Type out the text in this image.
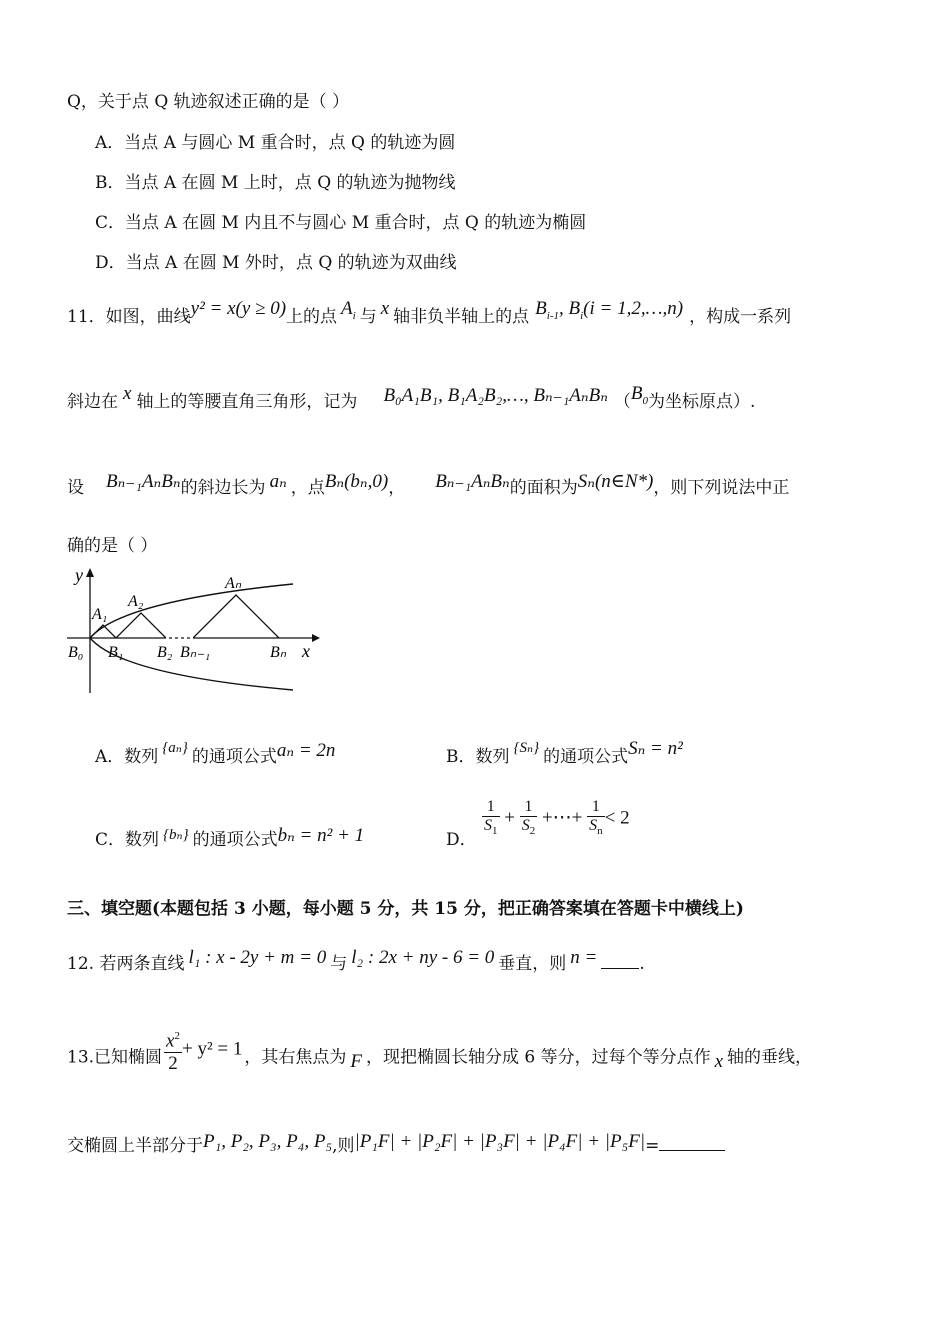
Q，关于点 Q 轨迹叙述正确的是（ ）
A．当点 A 与圆心 M 重合时，点 Q 的轨迹为圆
B．当点 A 在圆 M 上时，点 Q 的轨迹为抛物线
C．当点 A 在圆 M 内且不与圆心 M 重合时，点 Q 的轨迹为椭圆
D．当点 A 在圆 M 外时，点 Q 的轨迹为双曲线
11．如图，曲线y² = x(y ≥ 0)上的点 $A_i$ 与 x 轴非负半轴上的点 $B_{i-1}$, $B_i(i$ = 1,2,…,n) ，构成一系列
斜边在 x 轴上的等腰直角三角形，记为 B₀A₁B₁, B₁A₂B₂,…, Bₙ₋₁AₙBₙ （$B_0$为坐标原点）.
设 Bₙ₋₁AₙBₙ的斜边长为 aₙ ，点Bₙ(bₙ,0)， Bₙ₋₁AₙBₙ的面积为Sₙ(n∈N*)，则下列说法中正
确的是（ ）
y
A₁
A₂
Aₙ
B₀ B₁ B₂ Bₙ₋₁	Bₙ x
A．数列 {aₙ} 的通项公式aₙ = 2n	B．数列 {Sₙ} 的通项公式Sₙ = n²
C．数列 {bₙ} 的通项公式bₙ = n² + 1	D． $\frac{1}{S_1} + \frac{1}{S_2}$ +⋯+ $\frac{1}{S_n} < 2$
三、填空题(本题包括 3 小题，每小题 5 分，共 15 分，把正确答案填在答题卡中横线上)
12. 若两条直线 l₁ : x - 2y + m = 0 与 l₂ : 2x + ny - 6 = 0 垂直，则 n = .
13.已知椭圆 $\frac{x^2}{2} + y^2 = 1$ ，其右焦点为 F ，现把椭圆长轴分成 6 等分，过每个等分点作 x 轴的垂线，
交椭圆上半部分于P₁, P₂, P₃, P₄, P₅,则|P₁F| + |P₂F| + |P₃F| + |P₄F| + |P₅F|=
